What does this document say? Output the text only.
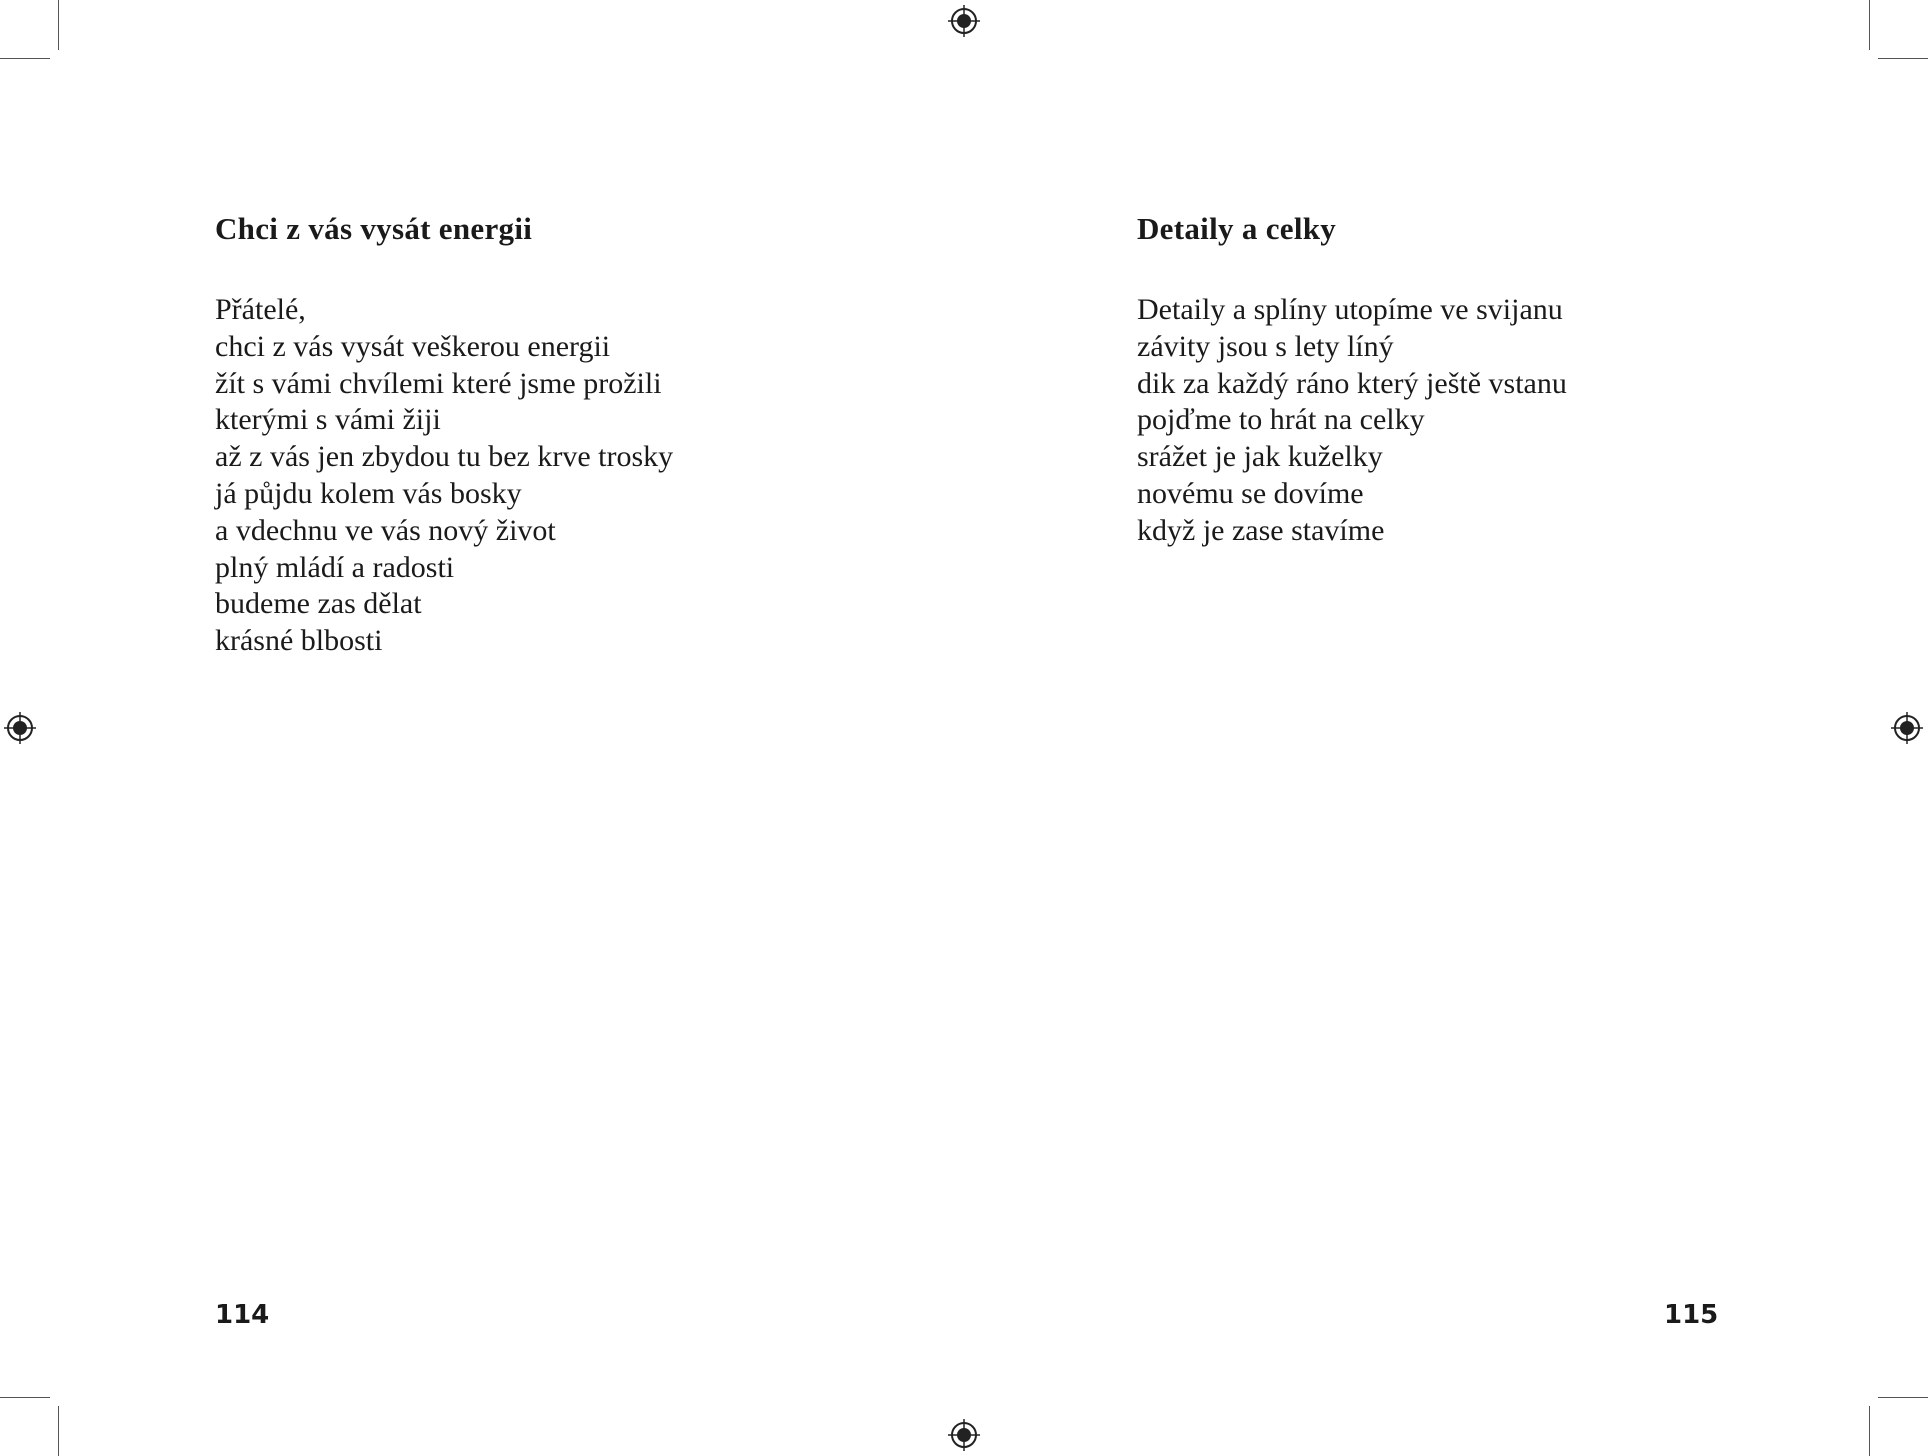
Chci z vás vysát energii
Přátelé,
chci z vás vysát veškerou energii
žít s vámi chvílemi které jsme prožili
kterými s vámi žiji
až z vás jen zbydou tu bez krve trosky
já půjdu kolem vás bosky
a vdechnu ve vás nový život
plný mládí a radosti
budeme zas dělat
krásné blbosti
114
Detaily a celky
Detaily a splíny utopíme ve svijanu
závity jsou s lety líný
dik za každý ráno který ještě vstanu
pojďme to hrát na celky
srážet je jak kuželky
novému se dovíme
když je zase stavíme
115
